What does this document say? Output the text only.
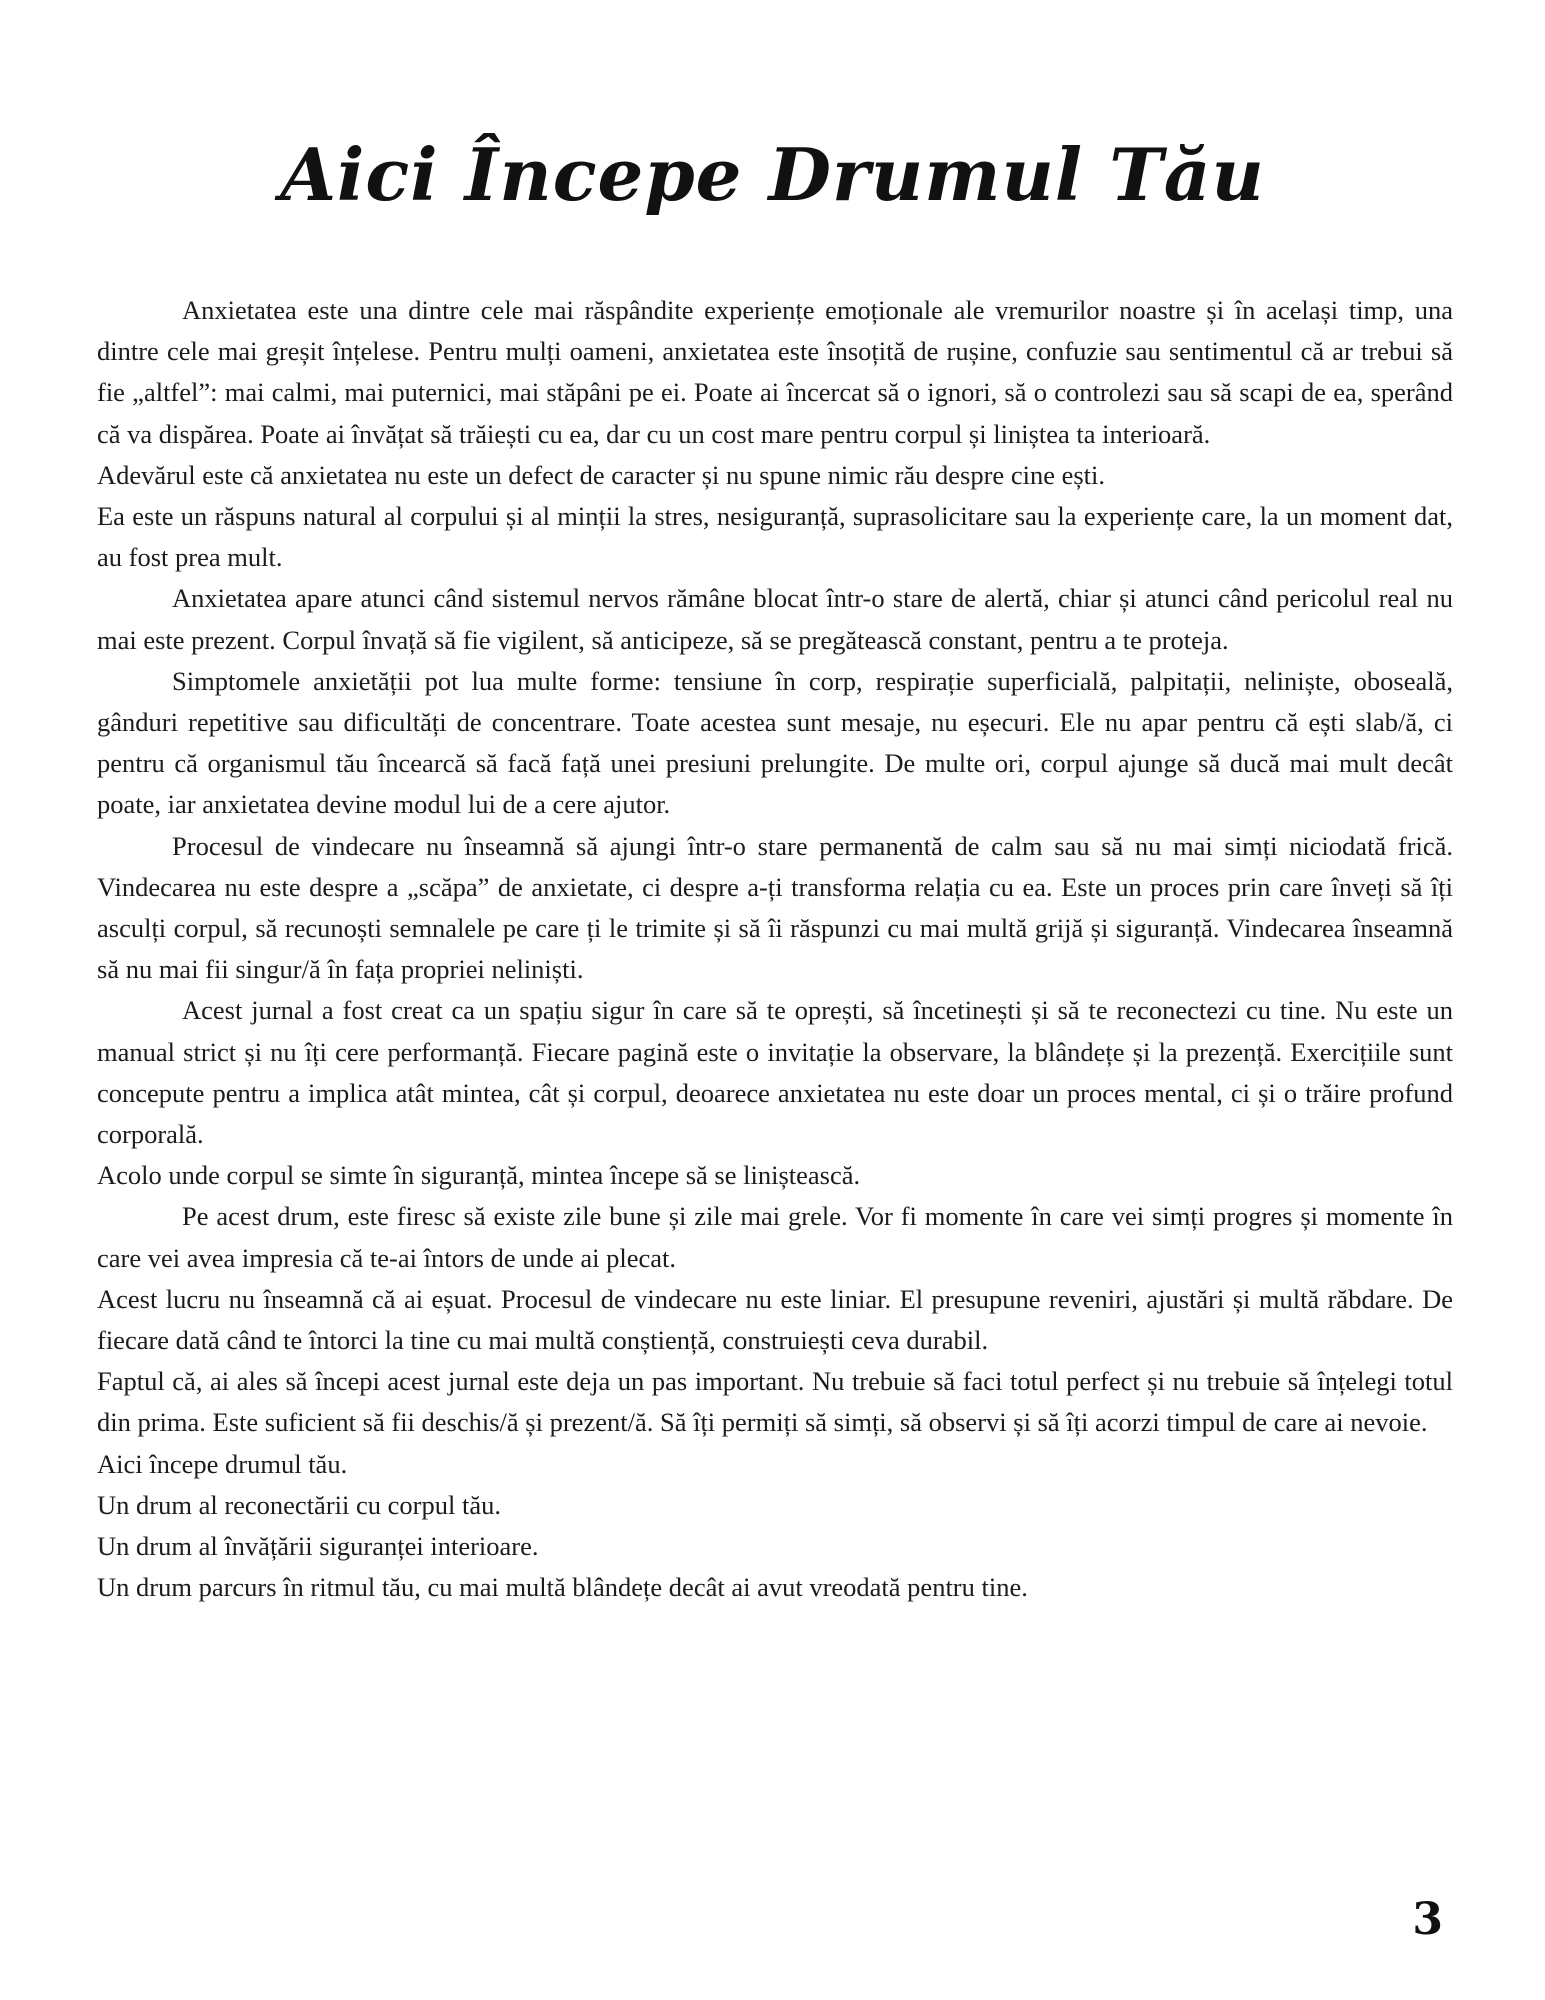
Aici Începe Drumul Tău

Anxietatea este una dintre cele mai răspândite experiențe emoționale ale vremurilor noastre și în același timp, una dintre cele mai greșit înțelese. Pentru mulți oameni, anxietatea este însoțită de rușine, confuzie sau sentimentul că ar trebui să fie „altfel”: mai calmi, mai puternici, mai stăpâni pe ei. Poate ai încercat să o ignori, să o controlezi sau să scapi de ea, sperând că va dispărea. Poate ai învățat să trăiești cu ea, dar cu un cost mare pentru corpul și liniștea ta interioară.

Adevărul este că anxietatea nu este un defect de caracter și nu spune nimic rău despre cine ești.

Ea este un răspuns natural al corpului și al minții la stres, nesiguranță, suprasolicitare sau la experiențe care, la un moment dat, au fost prea mult.

Anxietatea apare atunci când sistemul nervos rămâne blocat într-o stare de alertă, chiar și atunci când pericolul real nu mai este prezent. Corpul învață să fie vigilent, să anticipeze, să se pregătească constant, pentru a te proteja.

Simptomele anxietății pot lua multe forme: tensiune în corp, respirație superficială, palpitații, neliniște, oboseală, gânduri repetitive sau dificultăți de concentrare. Toate acestea sunt mesaje, nu eșecuri. Ele nu apar pentru că ești slab/ă, ci pentru că organismul tău încearcă să facă față unei presiuni prelungite. De multe ori, corpul ajunge să ducă mai mult decât poate, iar anxietatea devine modul lui de a cere ajutor.

Procesul de vindecare nu înseamnă să ajungi într-o stare permanentă de calm sau să nu mai simți niciodată frică. Vindecarea nu este despre a „scăpa” de anxietate, ci despre a-ți transforma relația cu ea. Este un proces prin care înveți să îți asculți corpul, să recunoști semnalele pe care ți le trimite și să îi răspunzi cu mai multă grijă și siguranță. Vindecarea înseamnă să nu mai fii singur/ă în fața propriei neliniști.

Acest jurnal a fost creat ca un spațiu sigur în care să te oprești, să încetinești și să te reconectezi cu tine. Nu este un manual strict și nu îți cere performanță. Fiecare pagină este o invitație la observare, la blândețe și la prezență. Exercițiile sunt concepute pentru a implica atât mintea, cât și corpul, deoarece anxietatea nu este doar un proces mental, ci și o trăire profund corporală.

Acolo unde corpul se simte în siguranță, mintea începe să se liniștească.

Pe acest drum, este firesc să existe zile bune și zile mai grele. Vor fi momente în care vei simți progres și momente în care vei avea impresia că te-ai întors de unde ai plecat.

Acest lucru nu înseamnă că ai eșuat. Procesul de vindecare nu este liniar. El presupune reveniri, ajustări și multă răbdare. De fiecare dată când te întorci la tine cu mai multă conștiență, construiești ceva durabil.

Faptul că, ai ales să începi acest jurnal este deja un pas important. Nu trebuie să faci totul perfect și nu trebuie să înțelegi totul din prima. Este suficient să fii deschis/ă și prezent/ă. Să îți permiți să simți, să observi și să îți acorzi timpul de care ai nevoie.

Aici începe drumul tău.

Un drum al reconectării cu corpul tău.

Un drum al învățării siguranței interioare.

Un drum parcurs în ritmul tău, cu mai multă blândețe decât ai avut vreodată pentru tine.

3
